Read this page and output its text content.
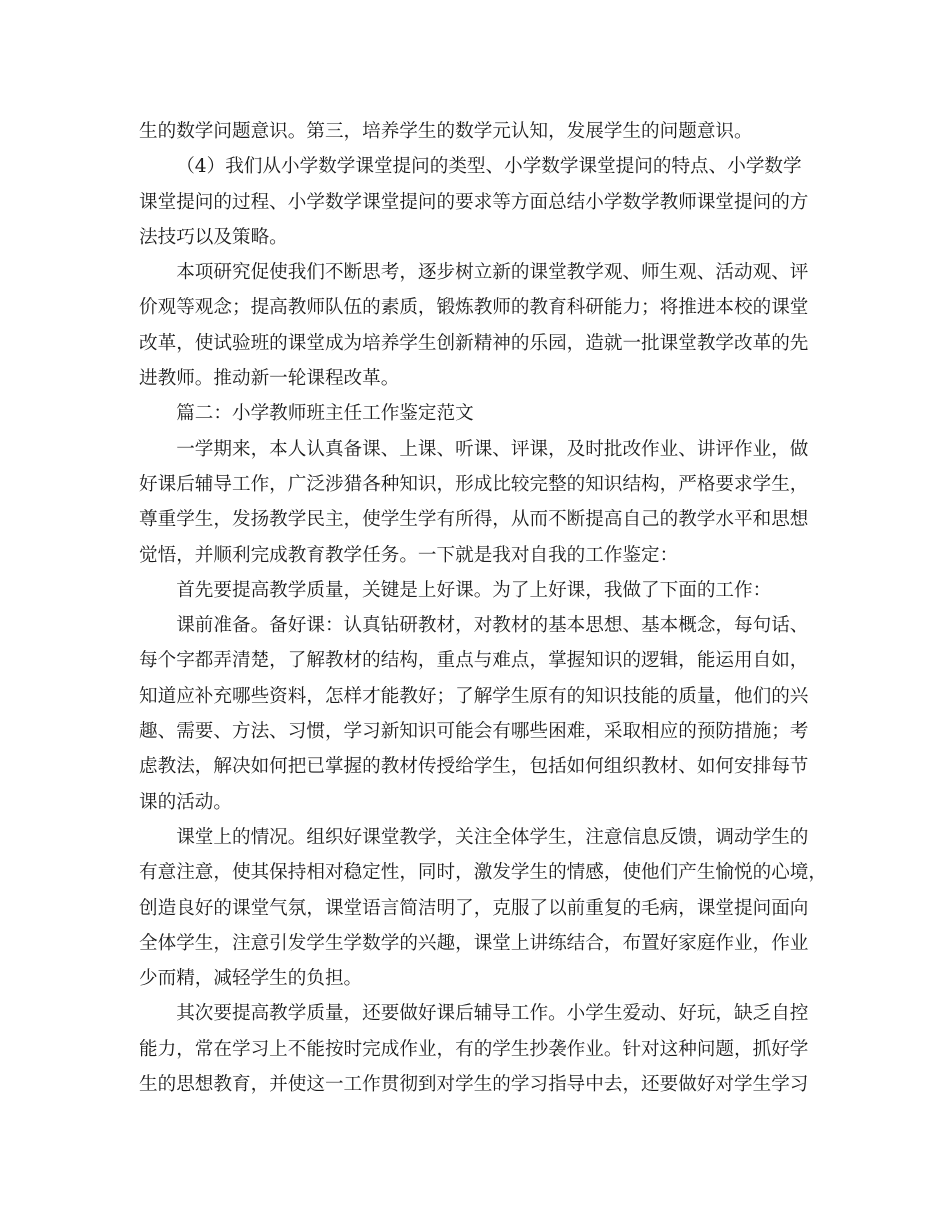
生的数学问题意识。第三，培养学生的数学元认知，发展学生的问题意识。

（4）我们从小学数学课堂提问的类型、小学数学课堂提问的特点、小学数学
课堂提问的过程、小学数学课堂提问的要求等方面总结小学数学教师课堂提问的方
法技巧以及策略。

本项研究促使我们不断思考，逐步树立新的课堂教学观、师生观、活动观、评
价观等观念；提高教师队伍的素质，锻炼教师的教育科研能力；将推进本校的课堂
改革，使试验班的课堂成为培养学生创新精神的乐园，造就一批课堂教学改革的先
进教师。推动新一轮课程改革。

篇二：小学教师班主任工作鉴定范文

一学期来，本人认真备课、上课、听课、评课，及时批改作业、讲评作业，做
好课后辅导工作，广泛涉猎各种知识，形成比较完整的知识结构，严格要求学生，
尊重学生，发扬教学民主，使学生学有所得，从而不断提高自己的教学水平和思想
觉悟，并顺利完成教育教学任务。一下就是我对自我的工作鉴定：

首先要提高教学质量，关键是上好课。为了上好课，我做了下面的工作：

课前准备。备好课：认真钻研教材，对教材的基本思想、基本概念，每句话、
每个字都弄清楚，了解教材的结构，重点与难点，掌握知识的逻辑，能运用自如，
知道应补充哪些资料，怎样才能教好；了解学生原有的知识技能的质量，他们的兴
趣、需要、方法、习惯，学习新知识可能会有哪些困难，采取相应的预防措施；考
虑教法，解决如何把已掌握的教材传授给学生，包括如何组织教材、如何安排每节
课的活动。

课堂上的情况。组织好课堂教学，关注全体学生，注意信息反馈，调动学生的
有意注意，使其保持相对稳定性，同时，激发学生的情感，使他们产生愉悦的心境，
创造良好的课堂气氛，课堂语言简洁明了，克服了以前重复的毛病，课堂提问面向
全体学生，注意引发学生学数学的兴趣，课堂上讲练结合，布置好家庭作业，作业
少而精，减轻学生的负担。

其次要提高教学质量，还要做好课后辅导工作。小学生爱动、好玩，缺乏自控
能力，常在学习上不能按时完成作业，有的学生抄袭作业。针对这种问题，抓好学
生的思想教育，并使这一工作贯彻到对学生的学习指导中去，还要做好对学生学习
